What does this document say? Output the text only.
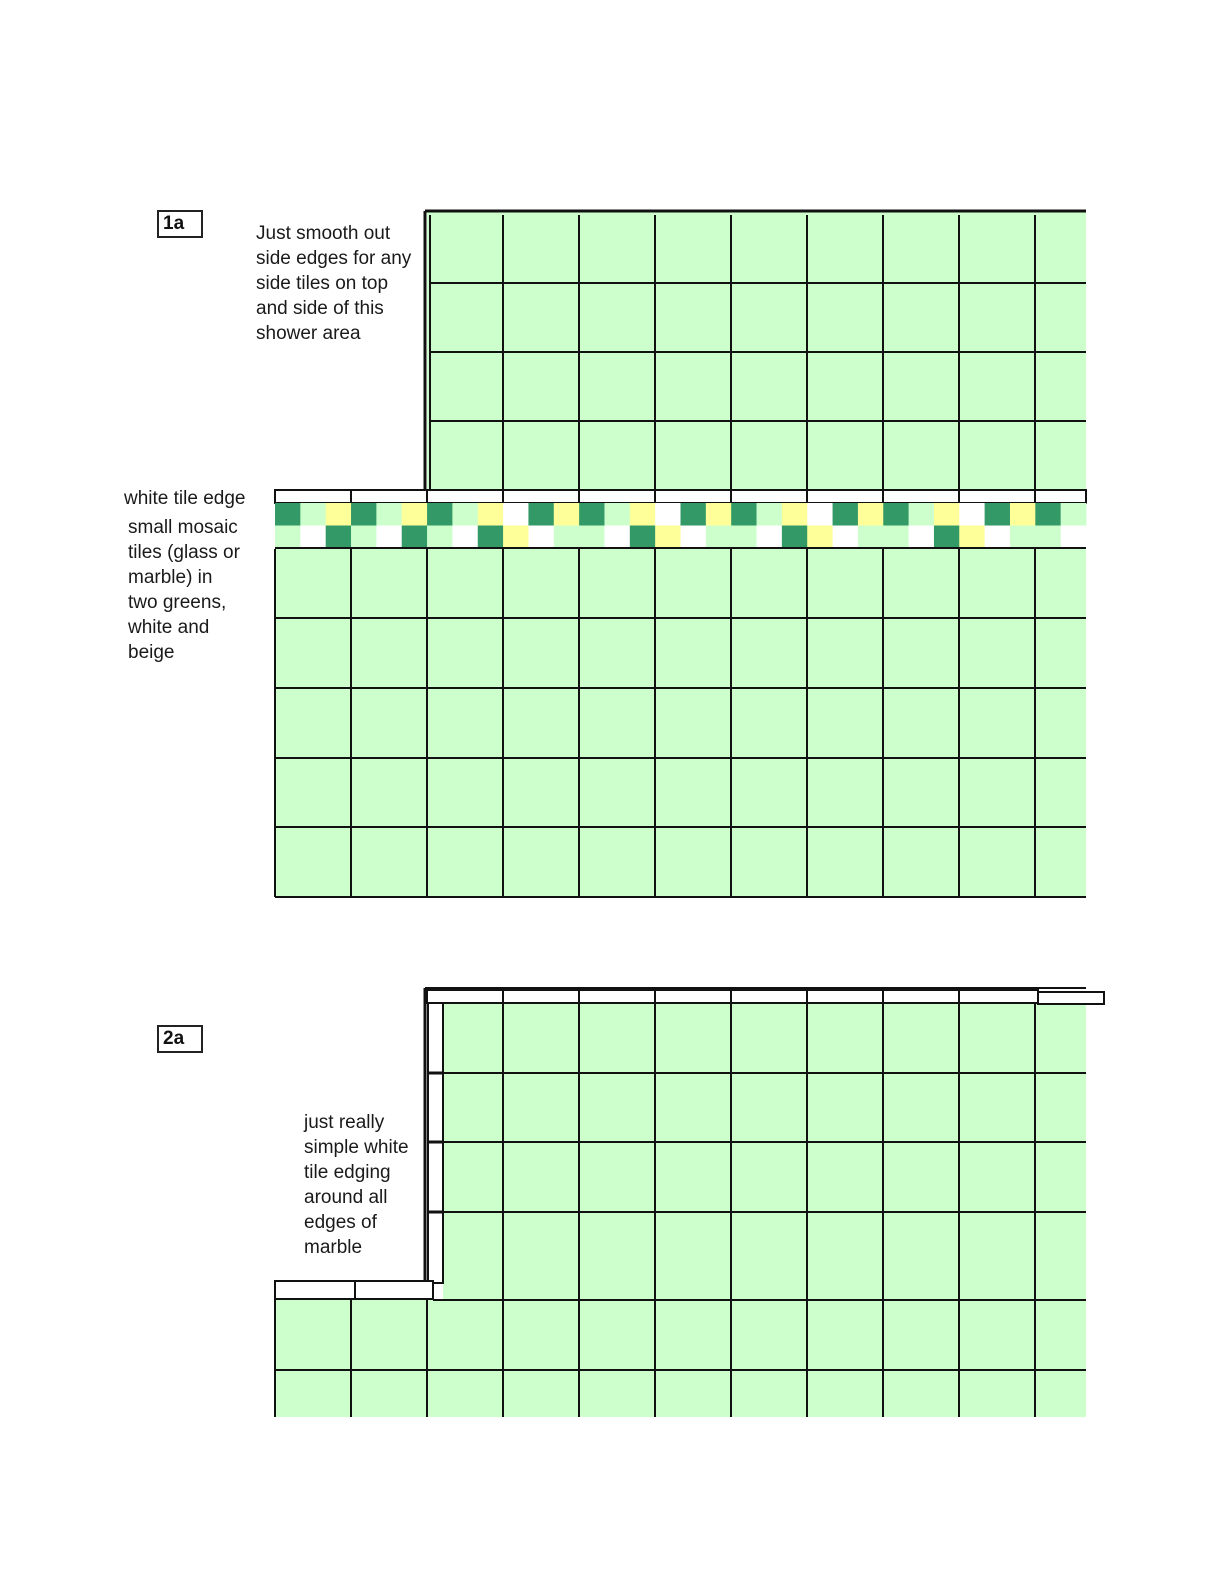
1a	Just smooth out
side edges for any
side tiles on top
and side of this
shower area
white tile edge
small mosaic
tiles (glass or
marble) in
two greens,
white and
beige
2a
just really
simple white
tile edging
around all
edges of
marble
